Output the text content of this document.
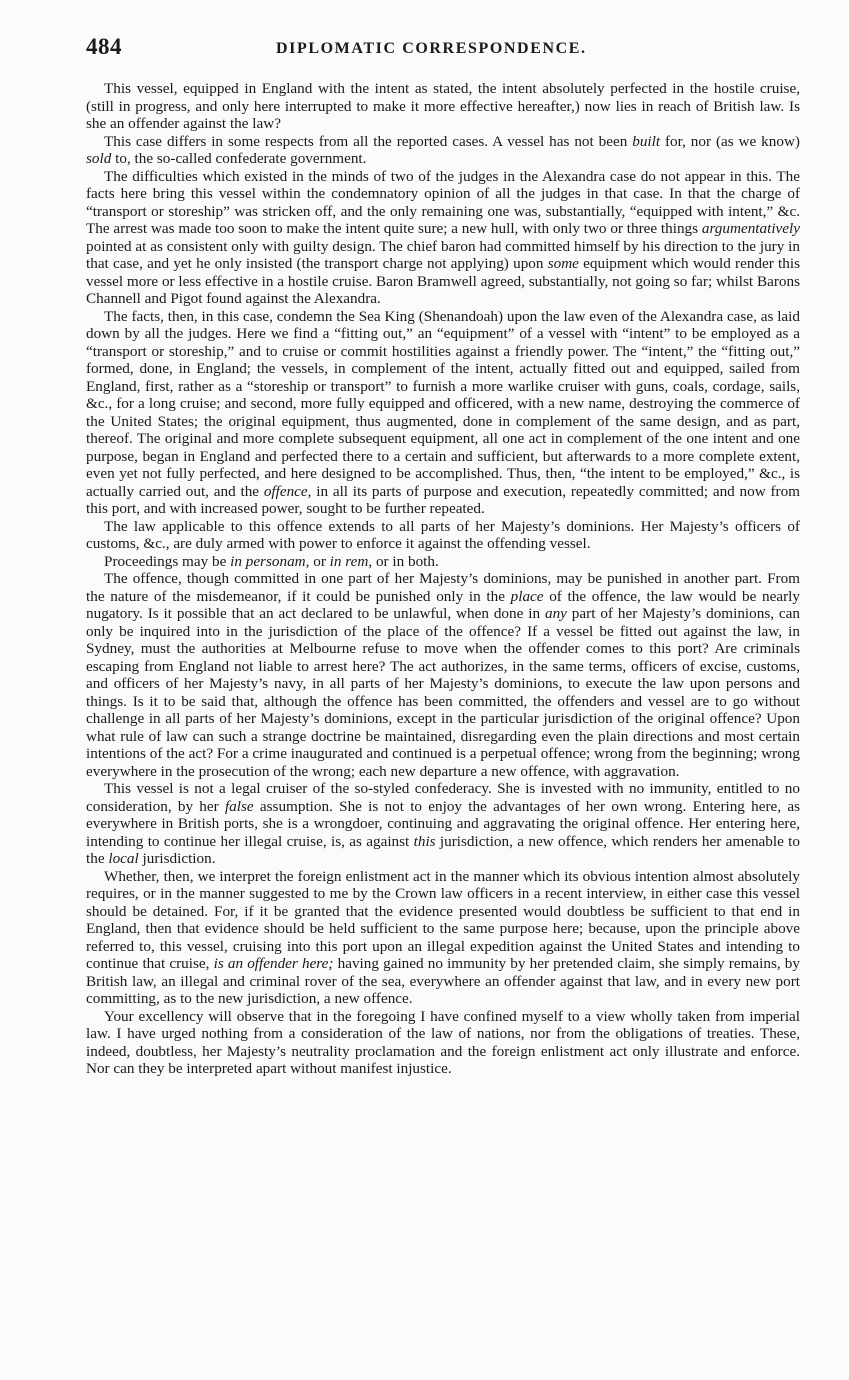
484	DIPLOMATIC CORRESPONDENCE.

This vessel, equipped in England with the intent as stated, the intent absolutely perfected in the hostile cruise, (still in progress, and only here interrupted to make it more effective hereafter,) now lies in reach of British law. Is she an offender against the law?

This case differs in some respects from all the reported cases. A vessel has not been built for, nor (as we know) sold to, the so-called confederate government.

The difficulties which existed in the minds of two of the judges in the Alexandra case do not appear in this. The facts here bring this vessel within the condemnatory opinion of all the judges in that case. In that the charge of “transport or storeship” was stricken off, and the only remaining one was, substantially, “equipped with intent,” &c. The arrest was made too soon to make the intent quite sure; a new hull, with only two or three things argumentatively pointed at as consistent only with guilty design. The chief baron had committed himself by his direction to the jury in that case, and yet he only insisted (the transport charge not applying) upon some equipment which would render this vessel more or less effective in a hostile cruise. Baron Bramwell agreed, substantially, not going so far; whilst Barons Channell and Pigot found against the Alexandra.

The facts, then, in this case, condemn the Sea King (Shenandoah) upon the law even of the Alexandra case, as laid down by all the judges. Here we find a “fitting out,” an “equipment” of a vessel with “intent” to be employed as a “transport or storeship,” and to cruise or commit hostilities against a friendly power. The “intent,” the “fitting out,” formed, done, in England; the vessels, in complement of the intent, actually fitted out and equipped, sailed from England, first, rather as a “storeship or transport” to furnish a more warlike cruiser with guns, coals, cordage, sails, &c., for a long cruise; and second, more fully equipped and officered, with a new name, destroying the commerce of the United States; the original equipment, thus augmented, done in complement of the same design, and as part, thereof. The original and more complete subsequent equipment, all one act in complement of the one intent and one purpose, began in England and perfected there to a certain and sufficient, but afterwards to a more complete extent, even yet not fully perfected, and here designed to be accomplished. Thus, then, “the intent to be employed,” &c., is actually carried out, and the offence, in all its parts of purpose and execution, repeatedly committed; and now from this port, and with increased power, sought to be further repeated.

The law applicable to this offence extends to all parts of her Majesty’s dominions. Her Majesty’s officers of customs, &c., are duly armed with power to enforce it against the offending vessel.

Proceedings may be in personam, or in rem, or in both.

The offence, though committed in one part of her Majesty’s dominions, may be punished in another part. From the nature of the misdemeanor, if it could be punished only in the place of the offence, the law would be nearly nugatory. Is it possible that an act declared to be unlawful, when done in any part of her Majesty’s dominions, can only be inquired into in the jurisdiction of the place of the offence? If a vessel be fitted out against the law, in Sydney, must the authorities at Melbourne refuse to move when the offender comes to this port? Are criminals escaping from England not liable to arrest here? The act authorizes, in the same terms, officers of excise, customs, and officers of her Majesty’s navy, in all parts of her Majesty’s dominions, to execute the law upon persons and things. Is it to be said that, although the offence has been committed, the offenders and vessel are to go without challenge in all parts of her Majesty’s dominions, except in the particular jurisdiction of the original offence? Upon what rule of law can such a strange doctrine be maintained, disregarding even the plain directions and most certain intentions of the act? For a crime inaugurated and continued is a perpetual offence; wrong from the beginning; wrong everywhere in the prosecution of the wrong; each new departure a new offence, with aggravation.

This vessel is not a legal cruiser of the so-styled confederacy. She is invested with no immunity, entitled to no consideration, by her false assumption. She is not to enjoy the advantages of her own wrong. Entering here, as everywhere in British ports, she is a wrongdoer, continuing and aggravating the original offence. Her entering here, intending to continue her illegal cruise, is, as against this jurisdiction, a new offence, which renders her amenable to the local jurisdiction.

Whether, then, we interpret the foreign enlistment act in the manner which its obvious intention almost absolutely requires, or in the manner suggested to me by the Crown law officers in a recent interview, in either case this vessel should be detained. For, if it be granted that the evidence presented would doubtless be sufficient to that end in England, then that evidence should be held sufficient to the same purpose here; because, upon the principle above referred to, this vessel, cruising into this port upon an illegal expedition against the United States and intending to continue that cruise, is an offender here; having gained no immunity by her pretended claim, she simply remains, by British law, an illegal and criminal rover of the sea, everywhere an offender against that law, and in every new port committing, as to the new jurisdiction, a new offence.

Your excellency will observe that in the foregoing I have confined myself to a view wholly taken from imperial law. I have urged nothing from a consideration of the law of nations, nor from the obligations of treaties. These, indeed, doubtless, her Majesty’s neutrality proclamation and the foreign enlistment act only illustrate and enforce. Nor can they be interpreted apart without manifest injustice.
